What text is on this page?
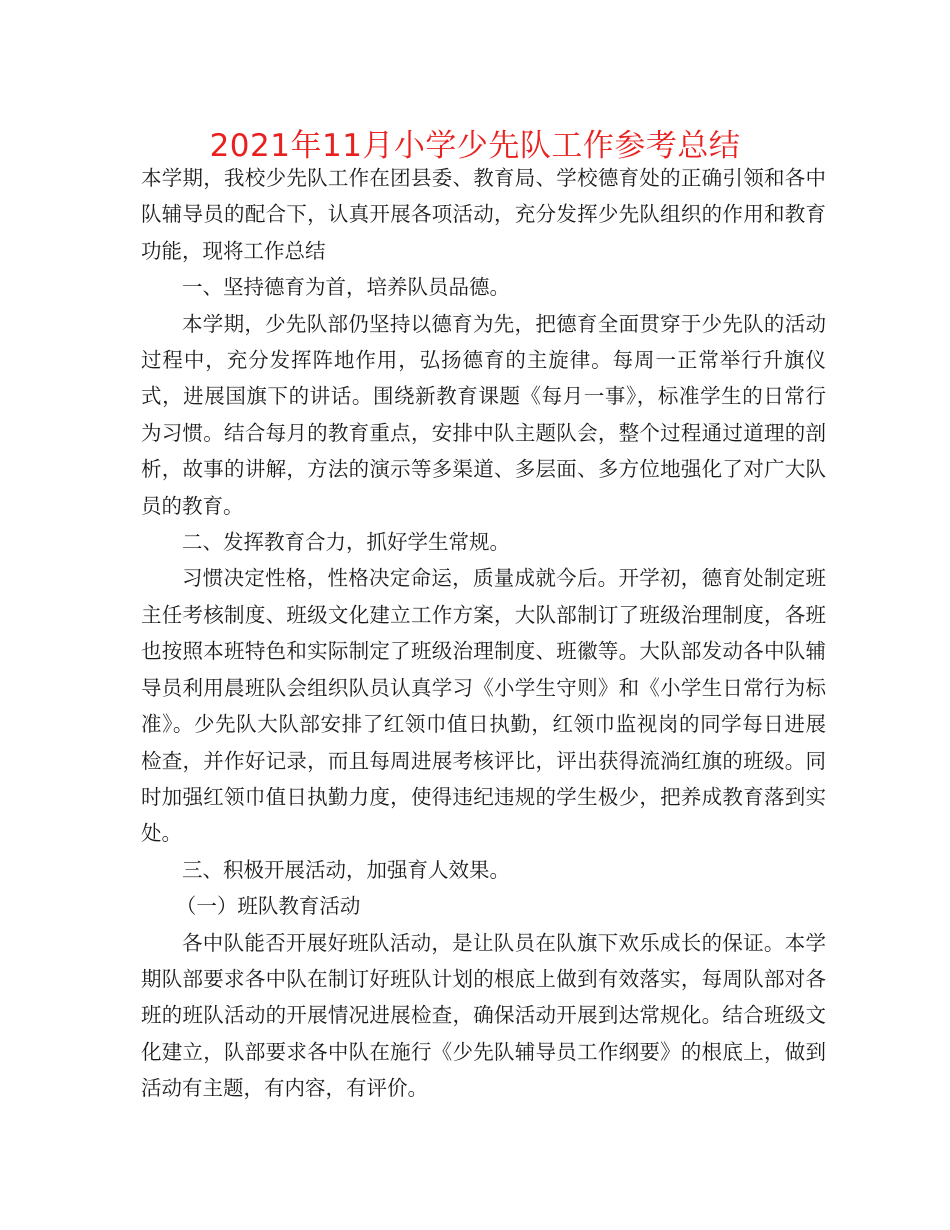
2021年11月小学少先队工作参考总结

本学期，我校少先队工作在团县委、教育局、学校德育处的正确引领和各中队辅导员的配合下，认真开展各项活动，充分发挥少先队组织的作用和教育功能，现将工作总结

一、坚持德育为首，培养队员品德。

本学期，少先队部仍坚持以德育为先，把德育全面贯穿于少先队的活动过程中，充分发挥阵地作用，弘扬德育的主旋律。每周一正常举行升旗仪式，进展国旗下的讲话。围绕新教育课题《每月一事》，标准学生的日常行为习惯。结合每月的教育重点，安排中队主题队会，整个过程通过道理的剖析，故事的讲解，方法的演示等多渠道、多层面、多方位地强化了对广大队员的教育。

二、发挥教育合力，抓好学生常规。

习惯决定性格，性格决定命运，质量成就今后。开学初，德育处制定班主任考核制度、班级文化建立工作方案，大队部制订了班级治理制度，各班也按照本班特色和实际制定了班级治理制度、班徽等。大队部发动各中队辅导员利用晨班队会组织队员认真学习《小学生守则》和《小学生日常行为标准》。少先队大队部安排了红领巾值日执勤，红领巾监视岗的同学每日进展检查，并作好记录，而且每周进展考核评比，评出获得流淌红旗的班级。同时加强红领巾值日执勤力度，使得违纪违规的学生极少，把养成教育落到实处。

三、积极开展活动，加强育人效果。

（一）班队教育活动

各中队能否开展好班队活动，是让队员在队旗下欢乐成长的保证。本学期队部要求各中队在制订好班队计划的根底上做到有效落实，每周队部对各班的班队活动的开展情况进展检查，确保活动开展到达常规化。结合班级文化建立，队部要求各中队在施行《少先队辅导员工作纲要》的根底上，做到活动有主题，有内容，有评价。
